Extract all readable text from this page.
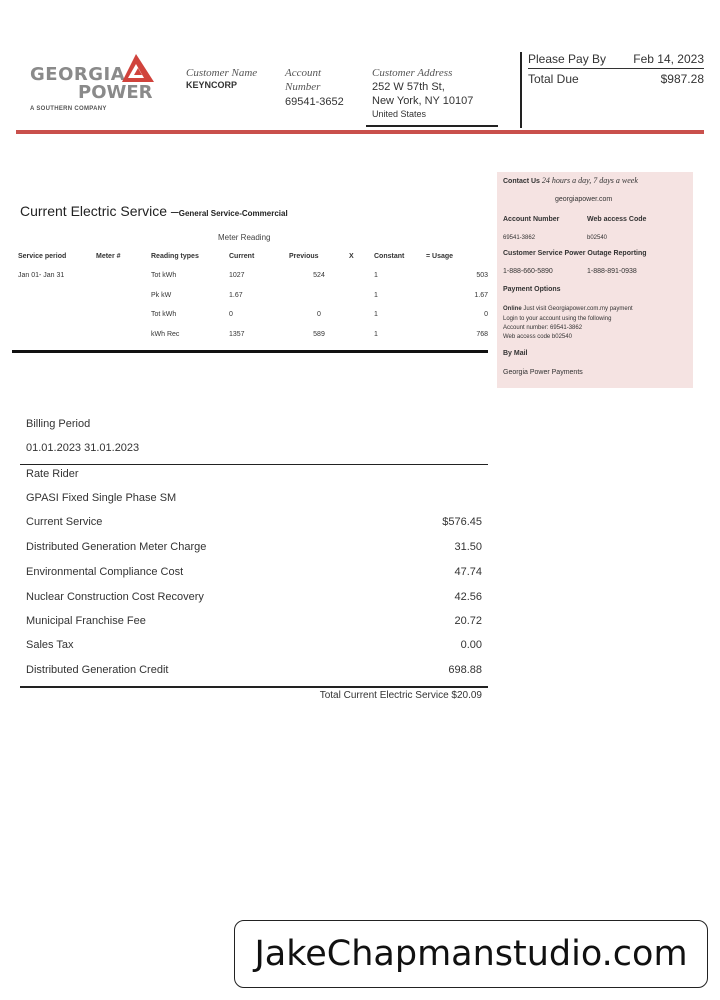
GEORGIA
POWER
A SOUTHERN COMPANY
Customer Name
KEYNCORP
Account
Number
69541-3652
Customer Address
252 W 57th St,
New York, NY 10107
United States
Please Pay By Feb 14, 2023
Total Due	$987.28
Current Electric Service –General Service-Commercial
Meter Reading
Service period	Meter #	Reading types	Current	Previous	X	Constant	= Usage
Jan 01- Jan 31		Tot kWh	1027	524		1	503
		Pk kW	1.67			1	1.67
		Tot kWh	0	0		1	0
		kWh Rec	1357	589		1	768
Contact Us 24 hours a day, 7 days a week
georgiapower.com
Account Number	Web access Code
69541-3862	b02540
Customer Service Power Outage Reporting
1-888-660-5890	1-888-891-0938
Payment Options
Online Just visit Georgiapower.com.my payment
Login to your account using the following
Account number: 69541-3862
Web access code b02540
By Mail
Georgia Power Payments
Billing Period
01.01.2023 31.01.2023
Rate Rider
GPASI Fixed Single Phase SM
Current Service	$576.45
Distributed Generation Meter Charge	31.50
Environmental Compliance Cost	47.74
Nuclear Construction Cost Recovery	42.56
Municipal Franchise Fee	20.72
Sales Tax	0.00
Distributed Generation Credit	698.88
Total Current Electric Service $20.09
JakeChapmanstudio.com
